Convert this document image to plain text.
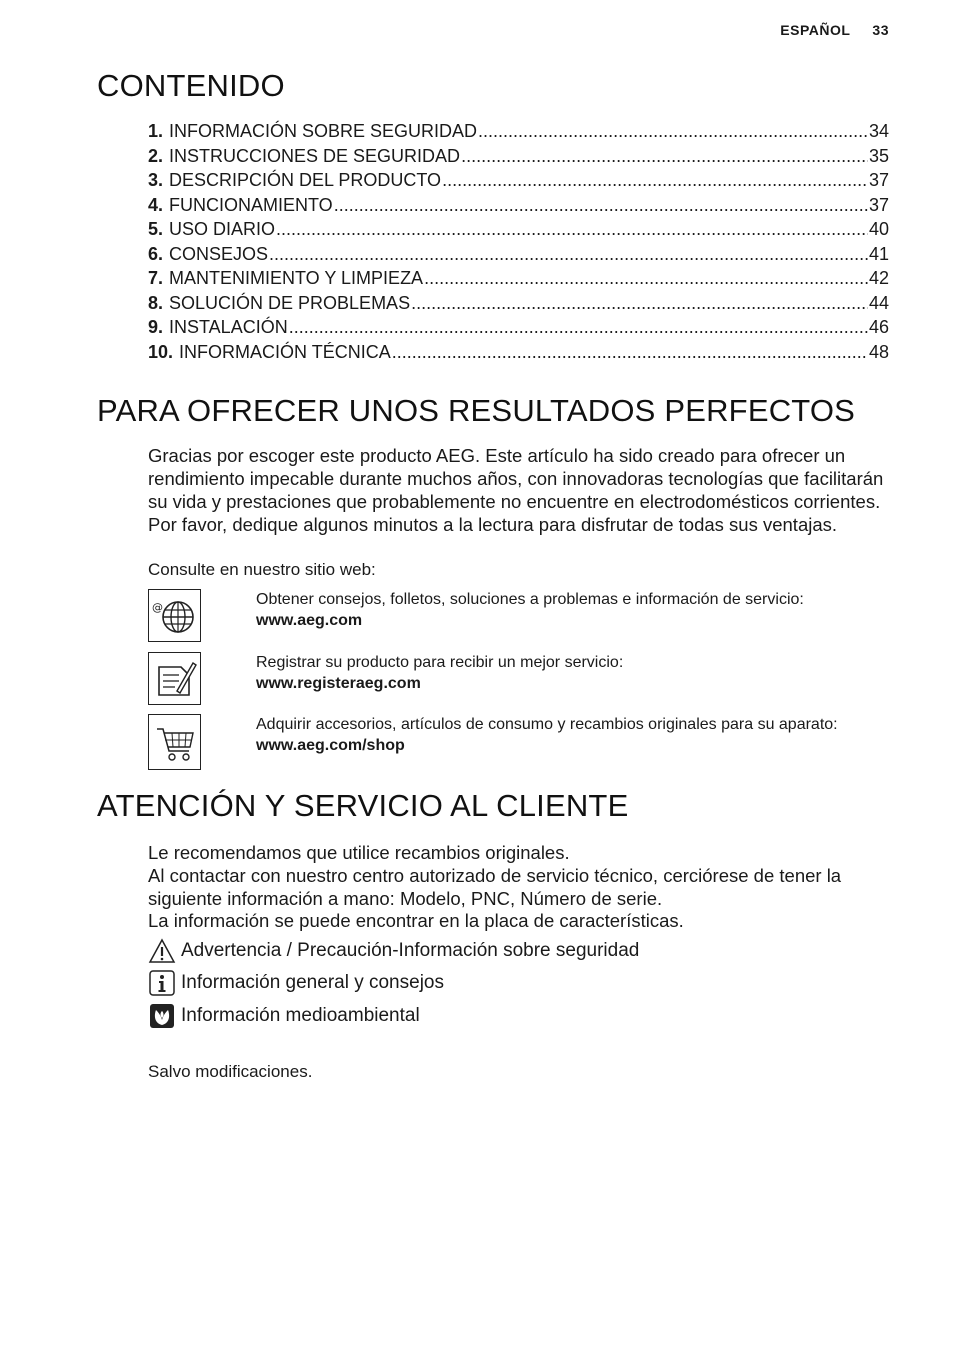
ESPAÑOL 33
CONTENIDO
1. INFORMACIÓN SOBRE SEGURIDAD .....	34
2. INSTRUCCIONES DE SEGURIDAD .....	35
3. DESCRIPCIÓN DEL PRODUCTO .....	37
4. FUNCIONAMIENTO .....	37
5. USO DIARIO .....	40
6. CONSEJOS .....	41
7. MANTENIMIENTO Y LIMPIEZA .....	42
8. SOLUCIÓN DE PROBLEMAS .....	44
9. INSTALACIÓN .....	46
10. INFORMACIÓN TÉCNICA .....	48
PARA OFRECER UNOS RESULTADOS PERFECTOS
Gracias por escoger este producto AEG. Este artículo ha sido creado para ofrecer un rendimiento impecable durante muchos años, con innovadoras tecnologías que facilitarán su vida y prestaciones que probablemente no encuentre en electrodomésticos corrientes. Por favor, dedique algunos minutos a la lectura para disfrutar de todas sus ventajas.
Consulte en nuestro sitio web:
@	Obtener consejos, folletos, soluciones a problemas e información de servicio:
www.aeg.com
Registrar su producto para recibir un mejor servicio:
www.registeraeg.com
Adquirir accesorios, artículos de consumo y recambios originales para su aparato:
www.aeg.com/shop
ATENCIÓN Y SERVICIO AL CLIENTE
Le recomendamos que utilice recambios originales.
Al contactar con nuestro centro autorizado de servicio técnico, cerciórese de tener la siguiente información a mano: Modelo, PNC, Número de serie.
La información se puede encontrar en la placa de características.
Advertencia / Precaución-Información sobre seguridad
Información general y consejos
Información medioambiental
Salvo modificaciones.
